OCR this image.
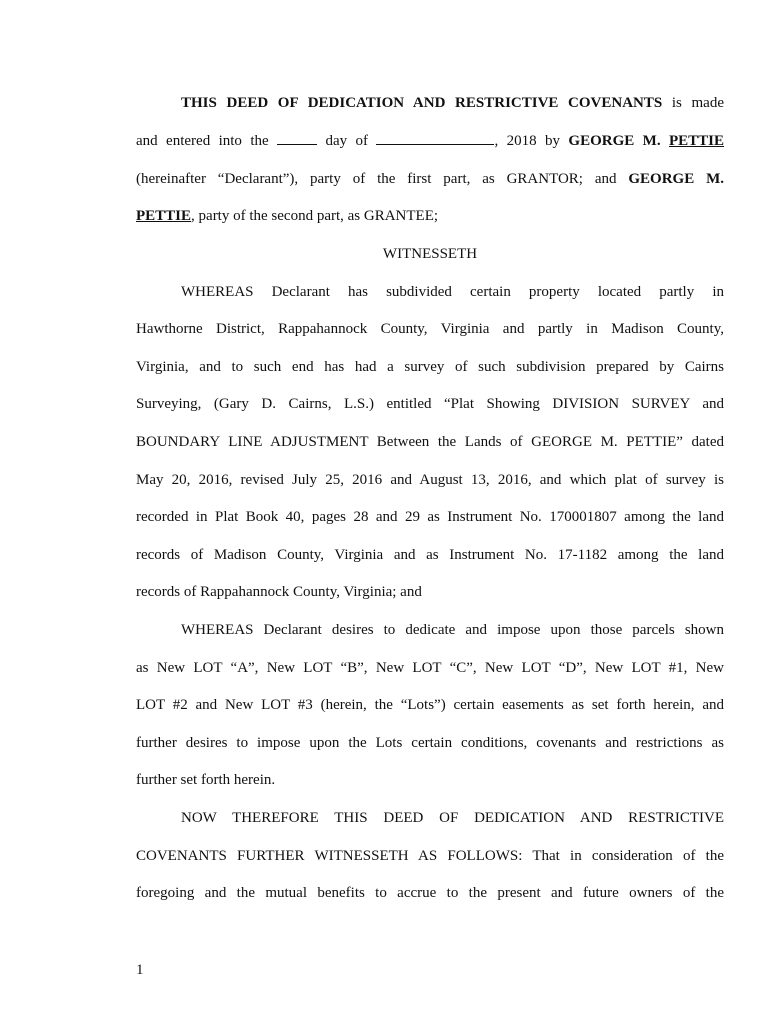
THIS DEED OF DEDICATION AND RESTRICTIVE COVENANTS is made
and entered into the	day of	, 2018 by GEORGE M. PETTIE
(hereinafter “Declarant”), party of the first part, as GRANTOR; and GEORGE M.
PETTIE, party of the second part, as GRANTEE;
WITNESSETH
WHEREAS Declarant has subdivided certain property located partly in
Hawthorne District, Rappahannock County, Virginia and partly in Madison County,
Virginia, and to such end has had a survey of such subdivision prepared by Cairns
Surveying, (Gary D. Cairns, L.S.) entitled “Plat Showing DIVISION SURVEY and
BOUNDARY LINE ADJUSTMENT Between the Lands of GEORGE M. PETTIE” dated
May 20, 2016, revised July 25, 2016 and August 13, 2016, and which plat of survey is
recorded in Plat Book 40, pages 28 and 29 as Instrument No. 170001807 among the land
records of Madison County, Virginia and as Instrument No. 17-1182 among the land
records of Rappahannock County, Virginia; and
WHEREAS Declarant desires to dedicate and impose upon those parcels shown
as New LOT “A”, New LOT “B”, New LOT “C”, New LOT “D”, New LOT #1, New
LOT #2 and New LOT #3 (herein, the “Lots”) certain easements as set forth herein, and
further desires to impose upon the Lots certain conditions, covenants and restrictions as
further set forth herein.
NOW THEREFORE THIS DEED OF DEDICATION AND RESTRICTIVE
COVENANTS FURTHER WITNESSETH AS FOLLOWS: That in consideration of the
foregoing and the mutual benefits to accrue to the present and future owners of the
1
